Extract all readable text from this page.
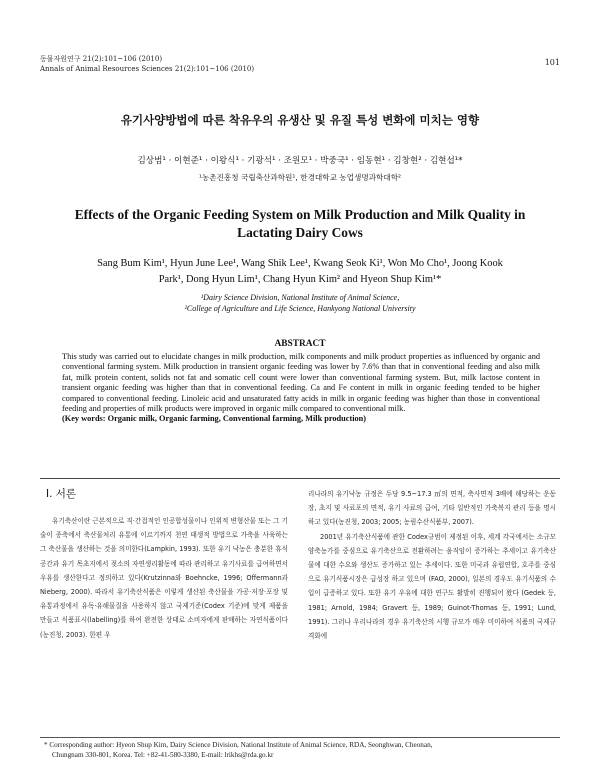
동물자원연구 21(2):101~106 (2010)
Annals of Animal Resources Sciences 21(2):101~106 (2010)
101
유기사양방법에 따른 착유우의 유생산 및 유질 특성 변화에 미치는 영향
김상범¹ · 이현준¹ · 이왕식¹ · 기광석¹ · 조원모¹ · 박중국¹ · 임동현¹ · 김창현² · 김현섭¹*
¹농촌진흥청 국립축산과학원¹, 한경대학교 농업생명과학대학²
Effects of the Organic Feeding System on Milk Production and Milk Quality in
Lactating Dairy Cows
Sang Bum Kim¹, Hyun June Lee¹, Wang Shik Lee¹, Kwang Seok Ki¹, Won Mo Cho¹, Joong Kook
Park¹, Dong Hyun Lim¹, Chang Hyun Kim² and Hyeon Shup Kim¹*
¹Dairy Science Division, National Institute of Animal Science,
²College of Agriculture and Life Science, Hankyong National University
ABSTRACT
This study was carried out to elucidate changes in milk production, milk components and milk product properties as influenced by organic and conventional farming system. Milk production in transient organic feeding was lower by 7.6% than that in conventional feeding and also milk fat, milk protein content, solids not fat and somatic cell count were lower than conventional farming system. But, milk lactose content in transient organic feeding was higher than that in conventional feeding. Ca and Fe content in milk in organic feeding tended to be higher compared to conventional feeding. Linoleic acid and unsaturated fatty acids in milk in organic feeding was higher than those in conventional feeding and properties of milk products were improved in organic milk compared to conventional milk.
(Key words: Organic milk, Organic farming, Conventional farming, Milk production)
I. 서론

유기축산이란 근본적으로 직·간접적인 인공합성물이나 인위적 변형산물 또는 그 기술이 종축에서 축산물처리 유통에 이르기까지 천연 태생적 방법으로 가축을 사육하는 그 축산물을 생산하는 것을 의미한다(Lampkin, 1993). 또한 유기 낙농은 충분한 휴식공간과 유기 목초지에서 젖소의 자연생리활동에 따라 관리하고 유기사료를 급여하면서 우유를 생산한다고 정의하고 있다(Krutzinna와 Boehncke, 1996; Offermann과 Nieberg, 2000). 따라서 유기축산식품은 이렇게 생산된 축산물을 가공·저장·포장 및 유통과정에서 유독·유해물질을 사용하지 않고 국제기준(Codex 기준)에 맞게 제품을 만들고 식품표시(labelling)를 하여 완전한 상태로 소비자에게 판매하는 자연식품이다(농진청, 2003). 한편 우

리나라의 유기낙농 규정은 두당 9.5~17.3 ㎡의 면적, 축사면적 3배에 해당하는 운동장, 초지 및 사료포의 면적, 유기 사료의 급여, 기타 일반적인 가축복지 관리 등을 명시하고 있다(농진청, 2003; 2005; 농림수산식품부, 2007).

2001년 유기축산식품에 관한 Codex규범이 제정된 이후, 세계 각국에서는 소규모 양축농가를 중심으로 유기축산으로 전환하려는 움직임이 증가하는 추세이고 유기축산물에 대한 수요와 생산도 증가하고 있는 추세이다. 또한 미국과 유럽연합, 호주를 중심으로 유기식품시장은 급성장 하고 있으며 (FAO, 2000), 일본의 경우도 유기식품의 수입이 급증하고 있다. 또한 유기 우유에 대한 연구도 활발히 진행되어 왔다 (Gedek 등, 1981; Arnold, 1984; Gravert 등, 1989; Guinot-Thomas 등, 1991; Lund, 1991). 그러나 우리나라의 경우 유기축산의 시행 규모가 매우 미미하여 식품의 국제규격화에

* Corresponding author: Hyeon Shup Kim, Dairy Science Division, National Institute of Animal Science, RDA, Seonghwan, Cheonan,
Chungnam 330-801, Korea. Tel: +82-41-580-3380, E-mail: lrikhs@rda.go.kr
